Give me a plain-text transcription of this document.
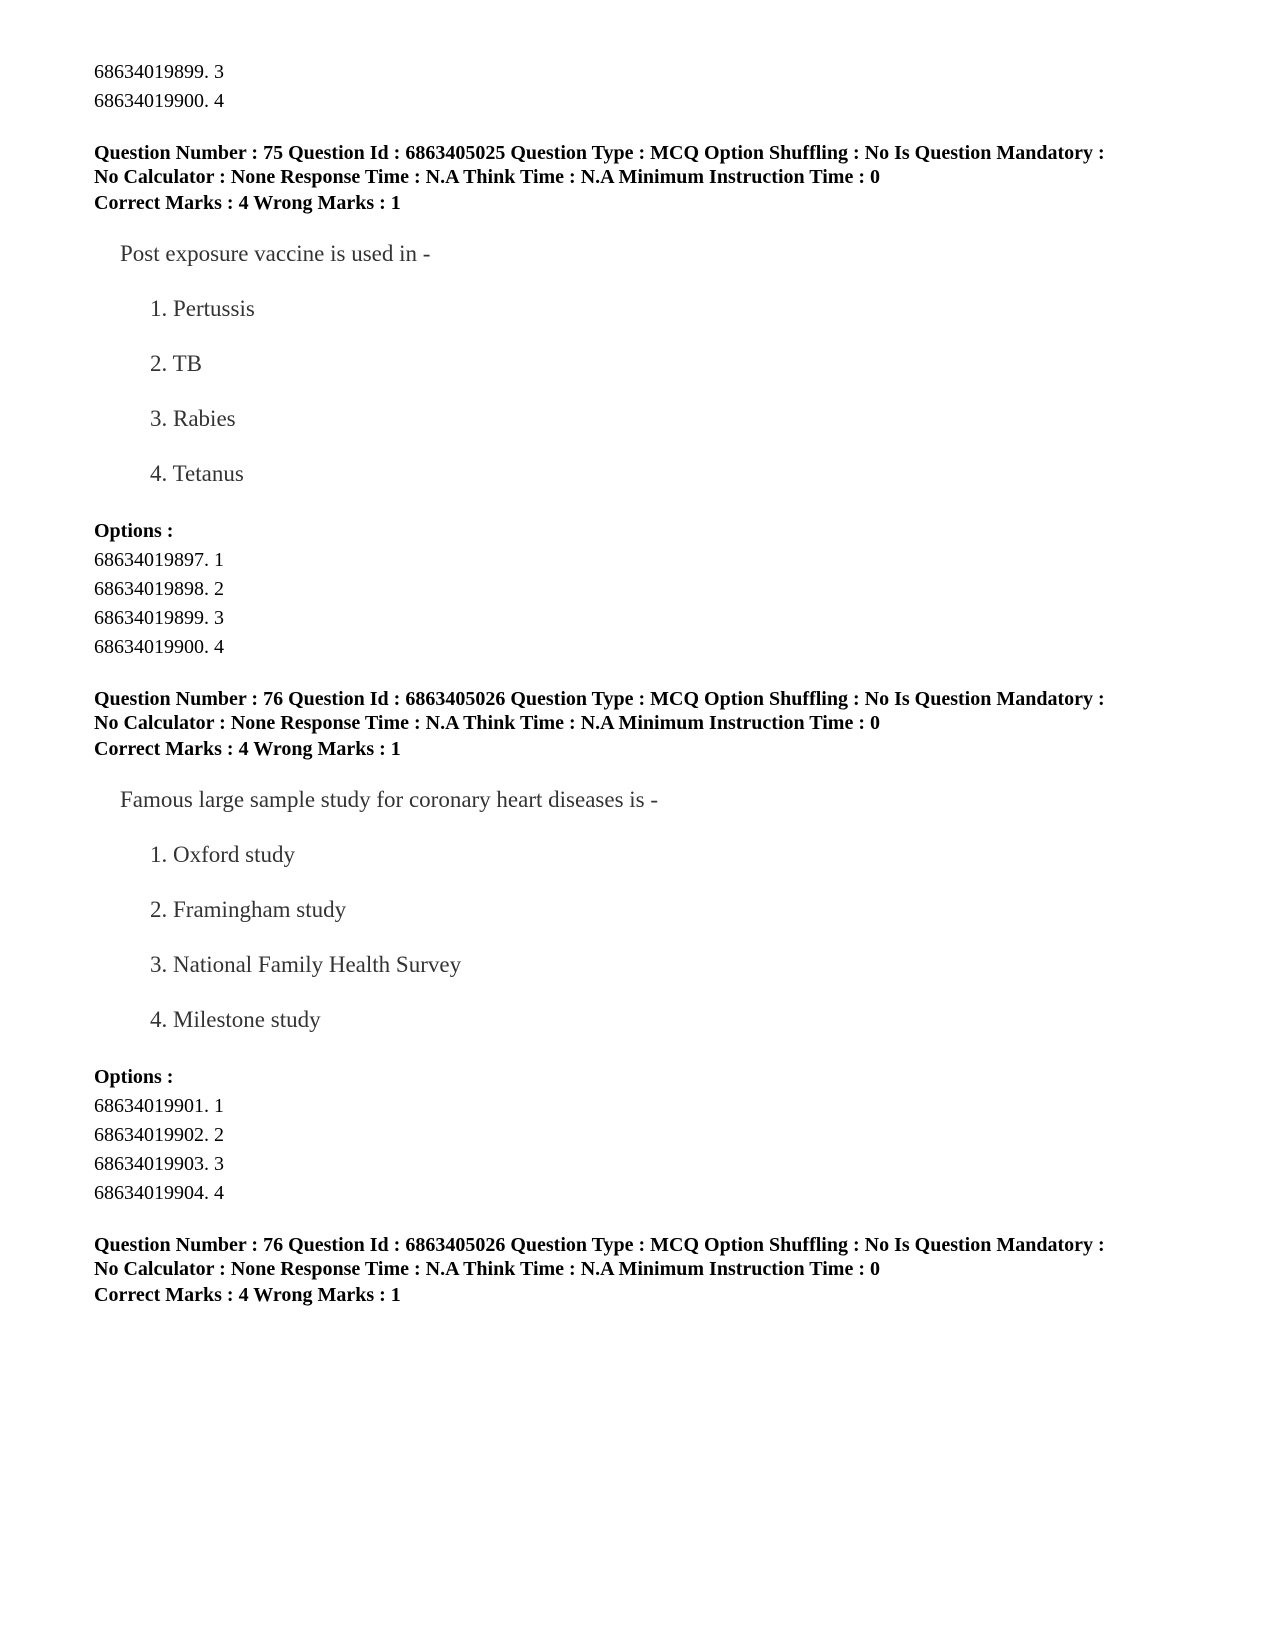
68634019899. 3
68634019900. 4
Question Number : 75 Question Id : 6863405025 Question Type : MCQ Option Shuffling : No Is Question Mandatory :
No Calculator : None Response Time : N.A Think Time : N.A Minimum Instruction Time : 0
Correct Marks : 4 Wrong Marks : 1
Post exposure vaccine is used in -
1. Pertussis
2. TB
3. Rabies
4. Tetanus
Options :
68634019897. 1
68634019898. 2
68634019899. 3
68634019900. 4
Question Number : 76 Question Id : 6863405026 Question Type : MCQ Option Shuffling : No Is Question Mandatory :
No Calculator : None Response Time : N.A Think Time : N.A Minimum Instruction Time : 0
Correct Marks : 4 Wrong Marks : 1
Famous large sample study for coronary heart diseases is -
1. Oxford study
2. Framingham study
3. National Family Health Survey
4. Milestone study
Options :
68634019901. 1
68634019902. 2
68634019903. 3
68634019904. 4
Question Number : 76 Question Id : 6863405026 Question Type : MCQ Option Shuffling : No Is Question Mandatory :
No Calculator : None Response Time : N.A Think Time : N.A Minimum Instruction Time : 0
Correct Marks : 4 Wrong Marks : 1
